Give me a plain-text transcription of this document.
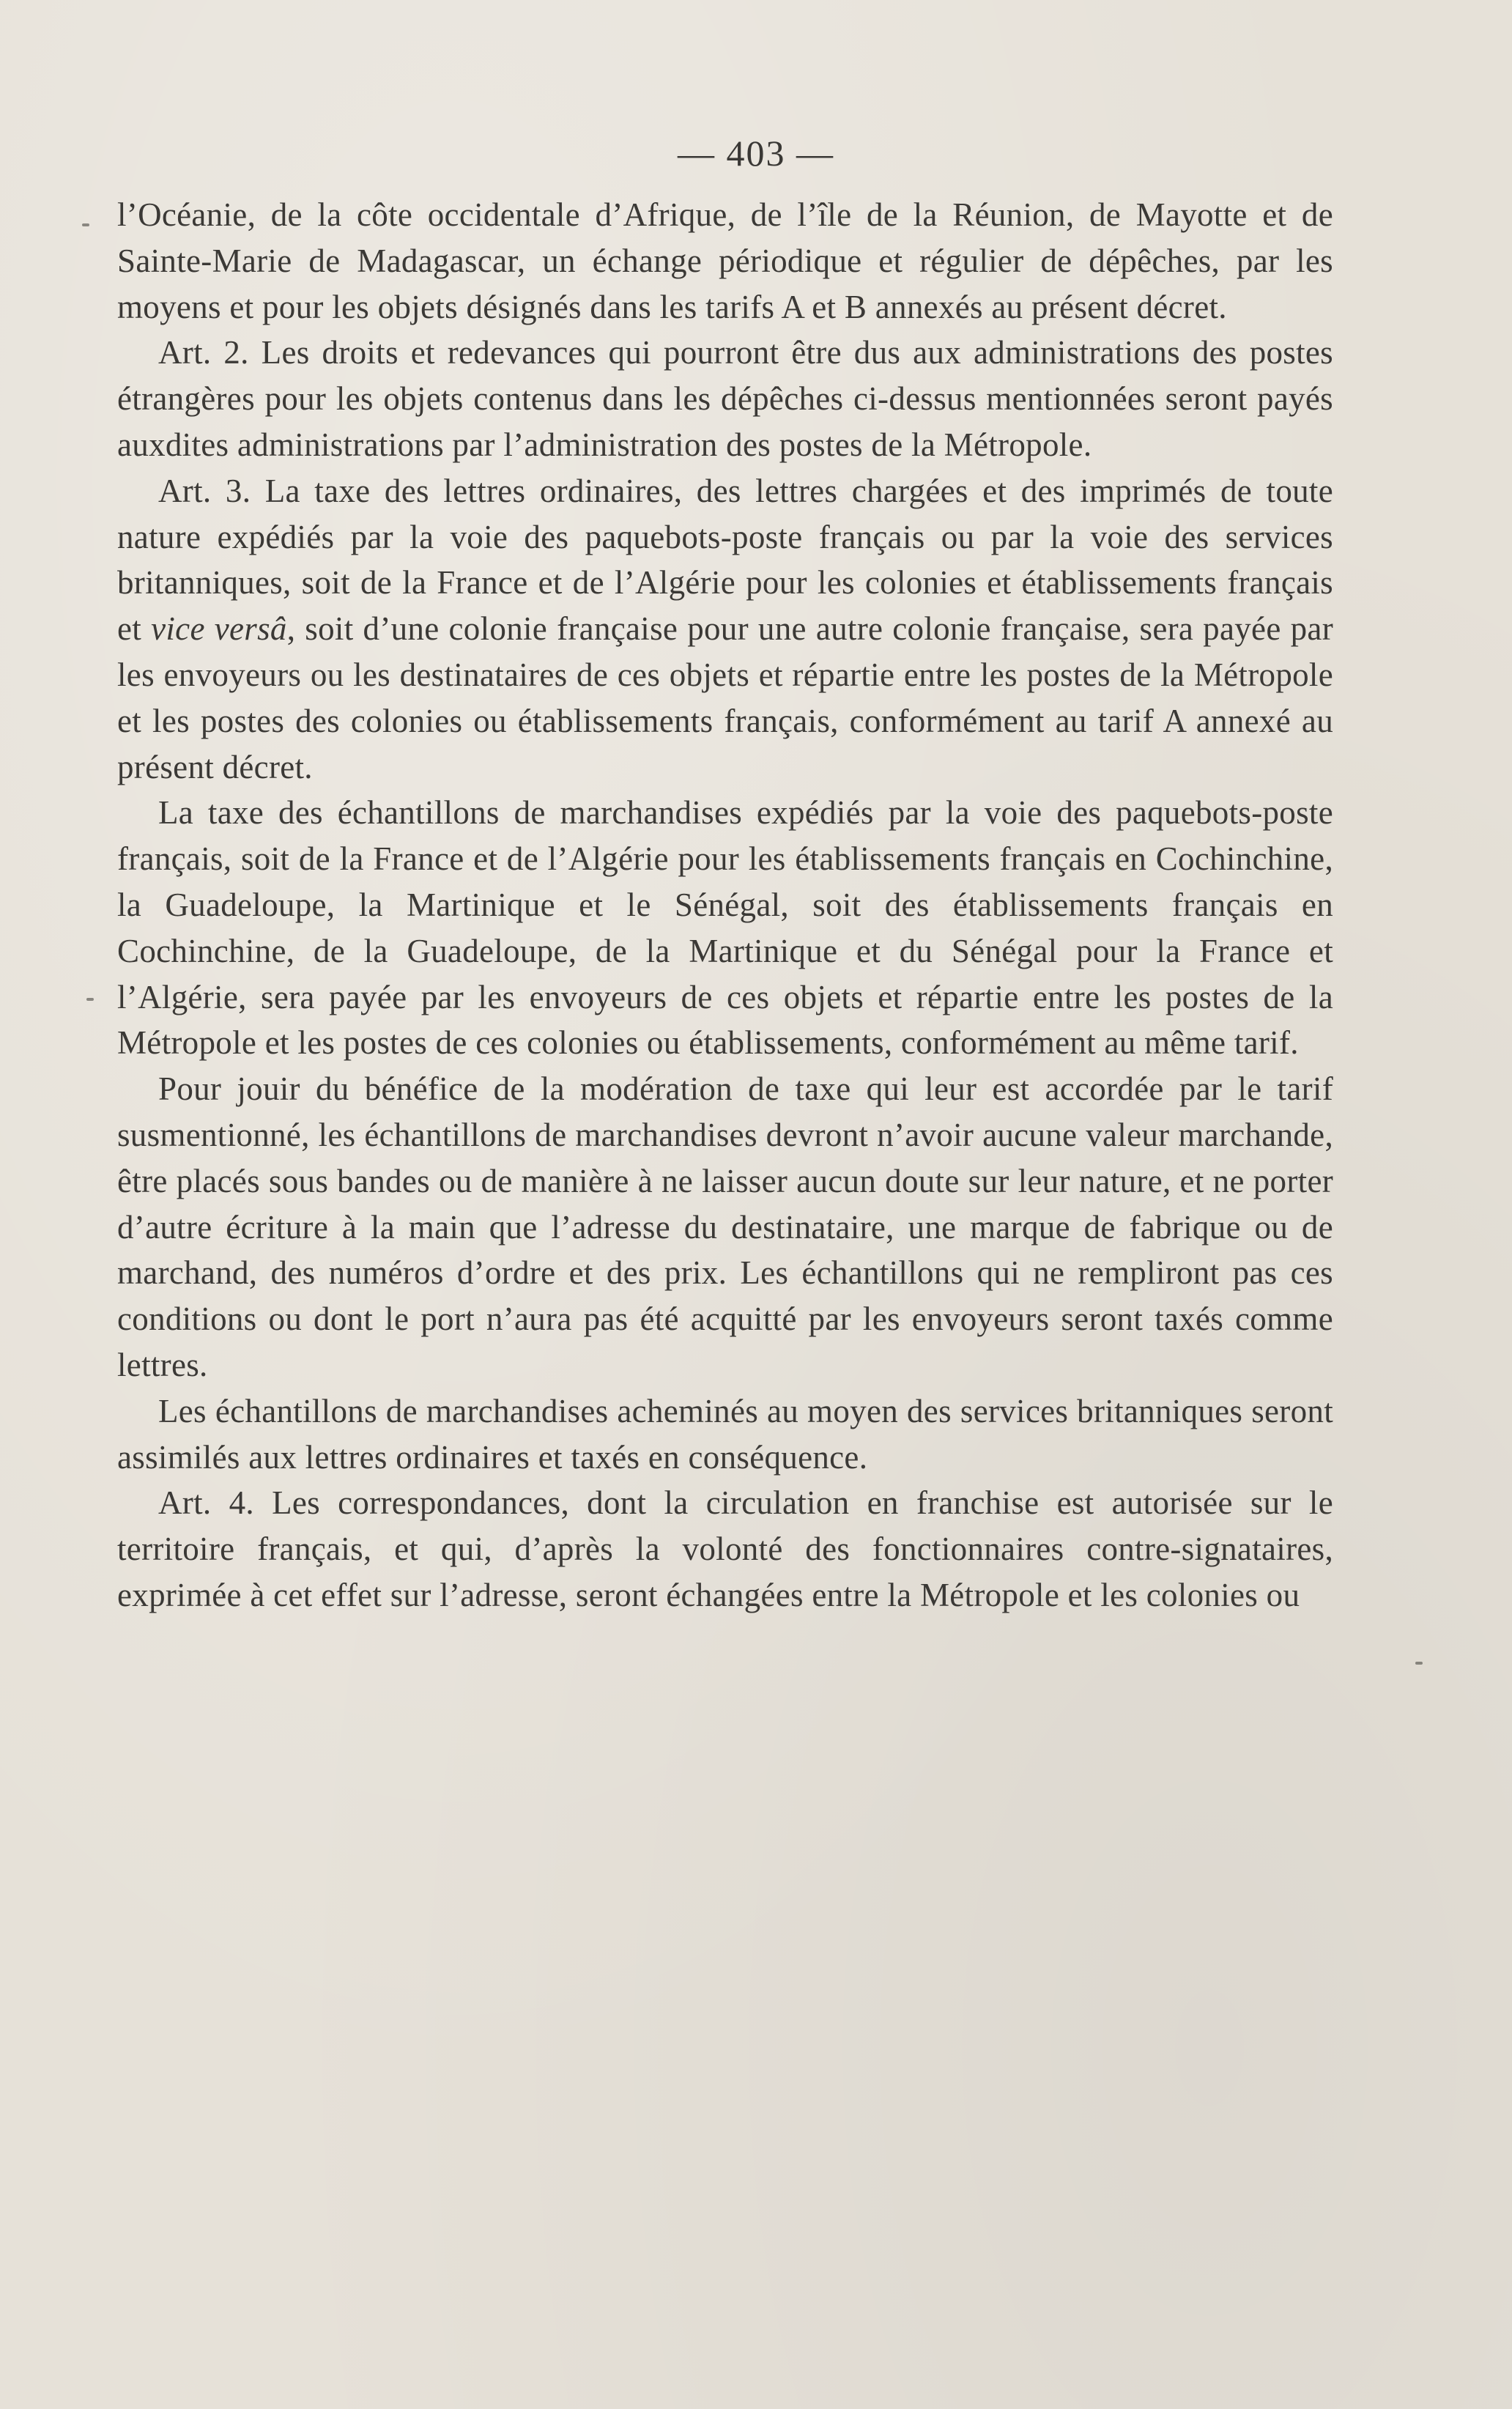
— 403 —

l’Océanie, de la côte occidentale d’Afrique, de l’île de la Réunion, de Mayotte et de Sainte-Marie de Madagascar, un échange périodique et régulier de dépêches, par les moyens et pour les objets désignés dans les tarifs A et B annexés au présent décret.

Art. 2. Les droits et redevances qui pourront être dus aux administrations des postes étrangères pour les objets contenus dans les dépêches ci-dessus mentionnées seront payés auxdites administrations par l’administration des postes de la Métropole.

Art. 3. La taxe des lettres ordinaires, des lettres chargées et des imprimés de toute nature expédiés par la voie des paquebots-poste français ou par la voie des services britanniques, soit de la France et de l’Algérie pour les colonies et établissements français et vice versâ, soit d’une colonie française pour une autre colonie française, sera payée par les envoyeurs ou les destinataires de ces objets et répartie entre les postes de la Métropole et les postes des colonies ou établissements français, conformément au tarif A annexé au présent décret.

La taxe des échantillons de marchandises expédiés par la voie des paquebots-poste français, soit de la France et de l’Algérie pour les établissements français en Cochinchine, la Guadeloupe, la Martinique et le Sénégal, soit des établissements français en Cochinchine, de la Guadeloupe, de la Martinique et du Sénégal pour la France et l’Algérie, sera payée par les envoyeurs de ces objets et répartie entre les postes de la Métropole et les postes de ces colonies ou établissements, conformément au même tarif.

Pour jouir du bénéfice de la modération de taxe qui leur est accordée par le tarif susmentionné, les échantillons de marchandises devront n’avoir aucune valeur marchande, être placés sous bandes ou de manière à ne laisser aucun doute sur leur nature, et ne porter d’autre écriture à la main que l’adresse du destinataire, une marque de fabrique ou de marchand, des numéros d’ordre et des prix. Les échantillons qui ne rempliront pas ces conditions ou dont le port n’aura pas été acquitté par les envoyeurs seront taxés comme lettres.

Les échantillons de marchandises acheminés au moyen des services britanniques seront assimilés aux lettres ordinaires et taxés en conséquence.

Art. 4. Les correspondances, dont la circulation en franchise est autorisée sur le territoire français, et qui, d’après la volonté des fonctionnaires contre-signataires, exprimée à cet effet sur l’adresse, seront échangées entre la Métropole et les colonies ou
